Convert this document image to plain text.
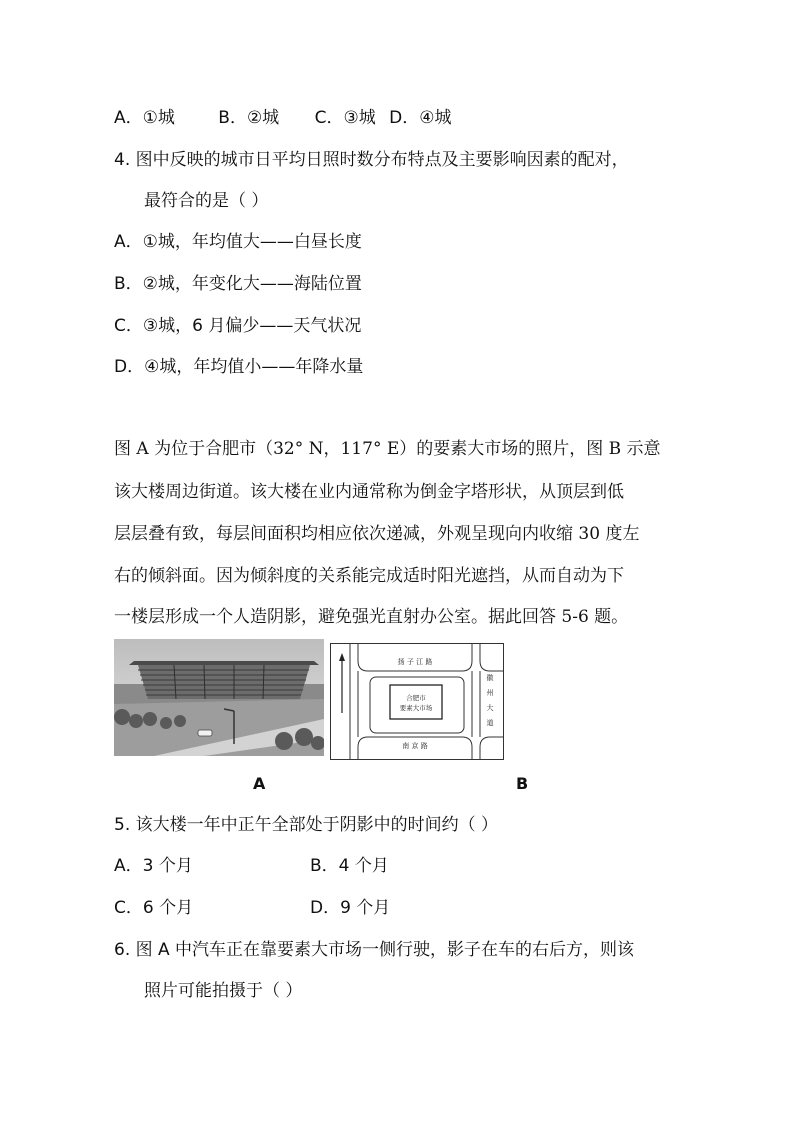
A．①城	B．②城 C．③城 D．④城
4. 图中反映的城市日平均日照时数分布特点及主要影响因素的配对，
最符合的是（ ）
A．①城，年均值大——白昼长度
B．②城，年变化大——海陆位置
C．③城，6 月偏少——天气状况
D．④城，年均值小——年降水量
图 A 为位于合肥市（32° N，117° E）的要素大市场的照片，图 B 示意
该大楼周边街道。该大楼在业内通常称为倒金字塔形状，从顶层到低
层层叠有致，每层间面积均相应依次递减，外观呈现向内收缩 30 度左
右的倾斜面。因为倾斜度的关系能完成适时阳光遮挡，从而自动为下
一楼层形成一个人造阴影，避免强光直射办公室。据此回答 5-6 题。
扬 子 江 路
南 京 路
徽
州
大
道
合肥市
要素大市场
A	B
5. 该大楼一年中正午全部处于阴影中的时间约（ ）
A．3 个月	B．4 个月
C．6 个月	D．9 个月
6. 图 A 中汽车正在靠要素大市场一侧行驶，影子在车的右后方，则该
照片可能拍摄于（ ）
